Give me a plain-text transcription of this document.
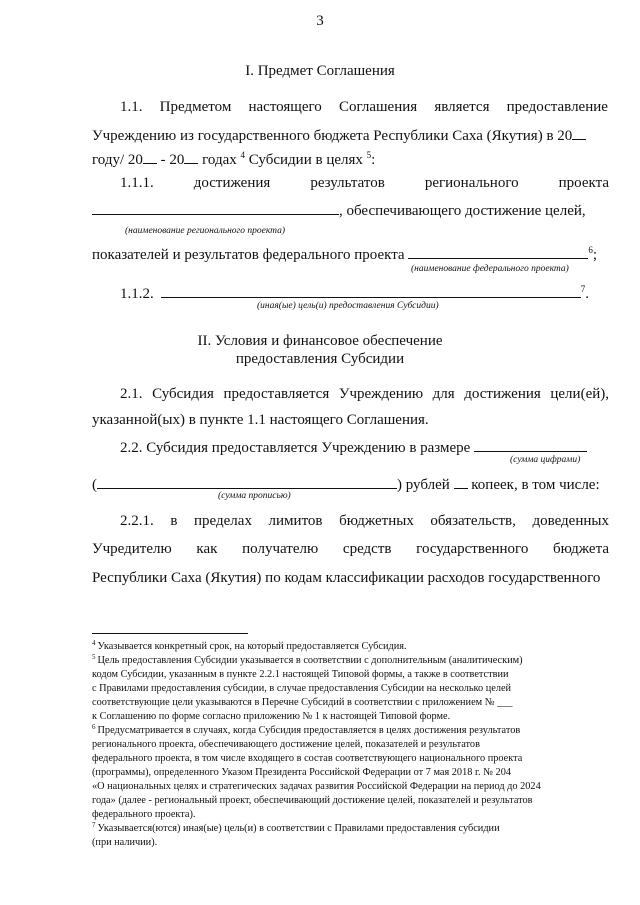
3
I. Предмет Соглашения
1.1. Предметом настоящего Соглашения является предоставление
Учреждению из государственного бюджета Республики Саха (Якутия) в 20
году/ 20 - 20 годах $^4$ Субсидии в целях $^5$:
1.1.1.	достижения	результатов	регионального	проекта
, обеспечивающего достижение целей,
(наименование регионального проекта)
показателей и результатов федерального проекта	$^6$;
(наименование федерального проекта)
1.1.2.	$^7$.
(иная(ые) цель(и) предоставления Субсидии)
II. Условия и финансовое обеспечение
предоставления Субсидии
2.1. Субсидия предоставляется Учреждению для достижения цели(ей),
указанной(ых) в пункте 1.1 настоящего Соглашения.
2.2. Субсидия предоставляется Учреждению в размере
(сумма цифрами)
(	) рублей  копеек, в том числе:
(сумма прописью)
2.2.1. в пределах лимитов бюджетных обязательств, доведенных
Учредителю как получателю средств государственного бюджета
Республики Саха (Якутия) по кодам классификации расходов государственного
$^4$ Указывается конкретный срок, на который предоставляется Субсидия.
$^5$ Цель предоставления Субсидии указывается в соответствии с дополнительным (аналитическим)
кодом Субсидии, указанным в пункте 2.2.1 настоящей Типовой формы, а также в соответствии
с Правилами предоставления субсидии, в случае предоставления Субсидии на несколько целей
соответствующие цели указываются в Перечне Субсидий в соответствии с приложением № ___
к Соглашению по форме согласно приложению № 1 к настоящей Типовой форме.
$^6$ Предусматривается в случаях, когда Субсидия предоставляется в целях достижения результатов
регионального проекта, обеспечивающего достижение целей, показателей и результатов
федерального проекта, в том числе входящего в состав соответствующего национального проекта
(программы), определенного Указом Президента Российской Федерации от 7 мая 2018 г. № 204
«О национальных целях и стратегических задачах развития Российской Федерации на период до 2024
года» (далее - региональный проект, обеспечивающий достижение целей, показателей и результатов
федерального проекта).
$^7$ Указывается(ются) иная(ые) цель(и) в соответствии с Правилами предоставления субсидии
(при наличии).
